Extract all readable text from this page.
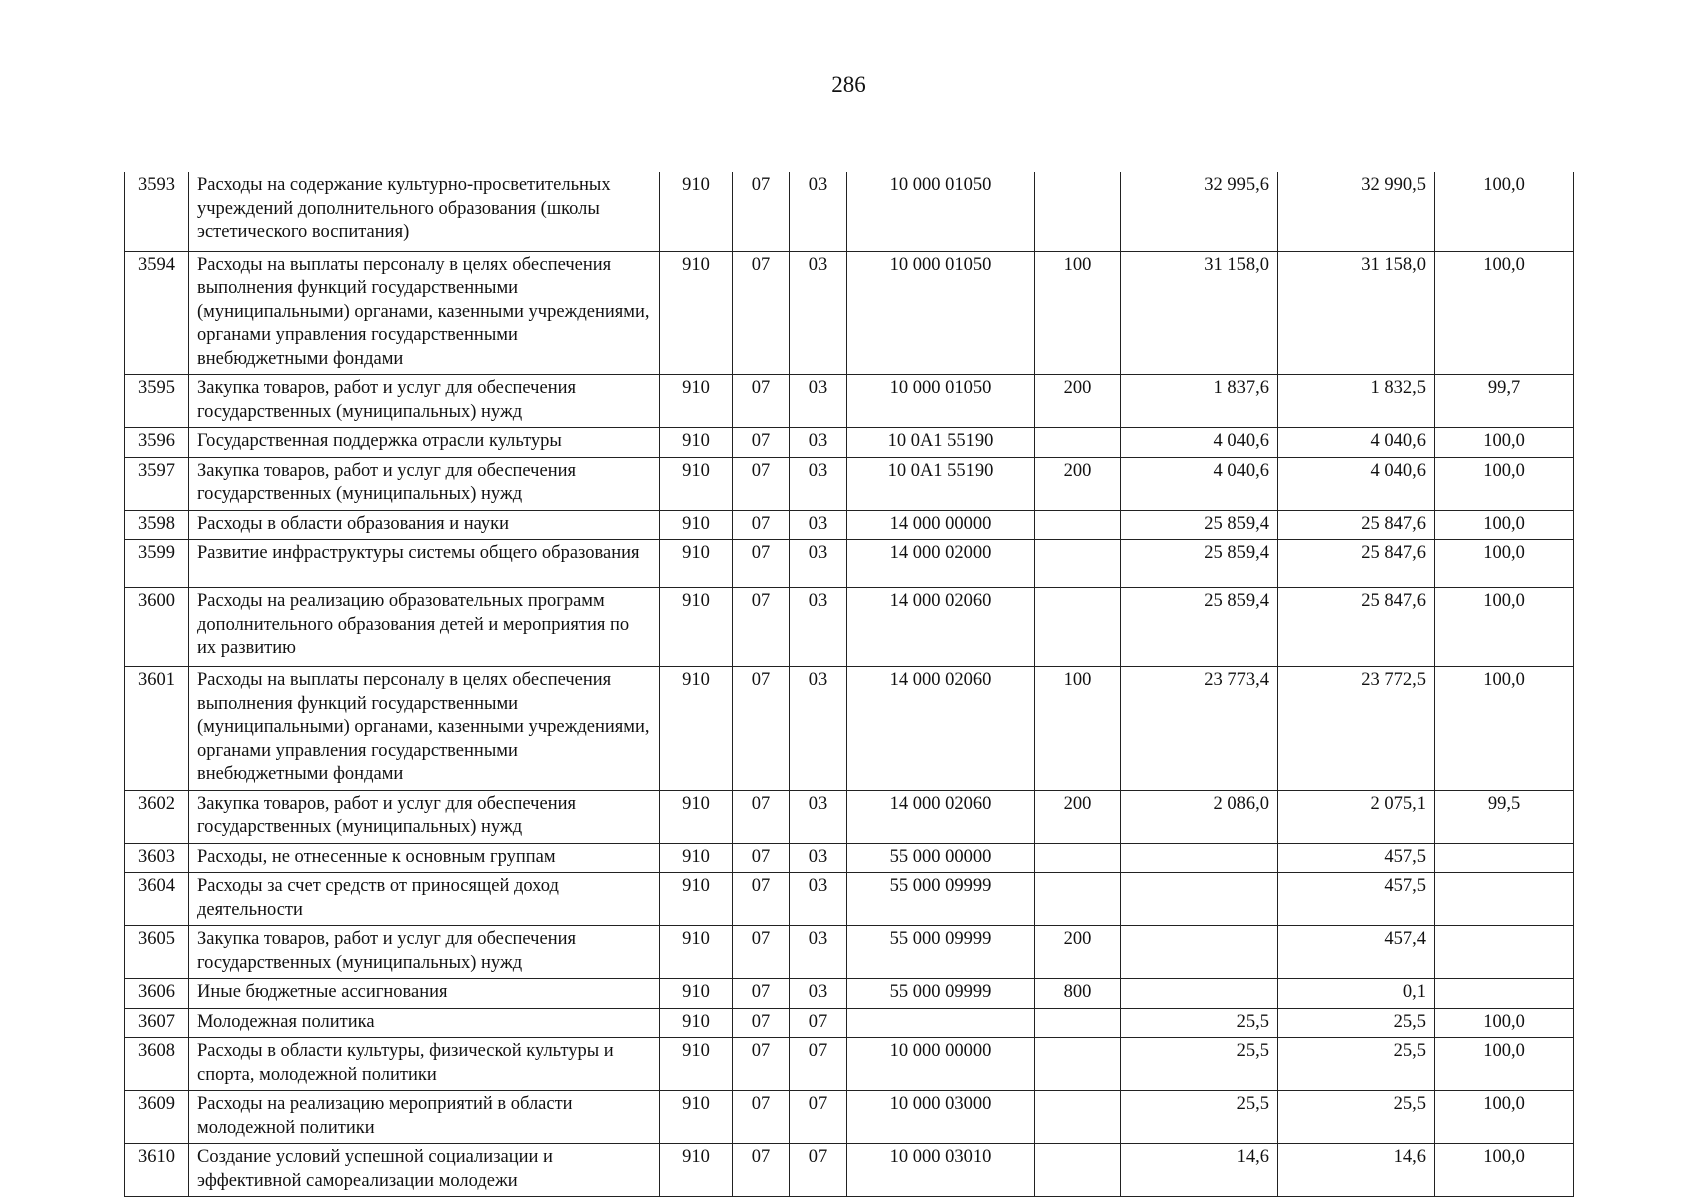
286
3593	Расходы на содержание культурно-просветительных учреждений дополнительного образования (школы эстетического воспитания)	910	07	03	10 000 01050		32 995,6	32 990,5	100,0
3594	Расходы на выплаты персоналу в целях обеспечения выполнения функций государственными (муниципальными) органами, казенными учреждениями, органами управления государственными внебюджетными фондами	910	07	03	10 000 01050	100	31 158,0	31 158,0	100,0
3595	Закупка товаров, работ и услуг для обеспечения государственных (муниципальных) нужд	910	07	03	10 000 01050	200	1 837,6	1 832,5	99,7
3596	Государственная поддержка отрасли культуры	910	07	03	10 0A1 55190		4 040,6	4 040,6	100,0
3597	Закупка товаров, работ и услуг для обеспечения государственных (муниципальных) нужд	910	07	03	10 0A1 55190	200	4 040,6	4 040,6	100,0
3598	Расходы в области образования и науки	910	07	03	14 000 00000		25 859,4	25 847,6	100,0
3599	Развитие инфраструктуры системы общего образования	910	07	03	14 000 02000		25 859,4	25 847,6	100,0
3600	Расходы на реализацию образовательных программ дополнительного образования детей и мероприятия по их развитию	910	07	03	14 000 02060		25 859,4	25 847,6	100,0
3601	Расходы на выплаты персоналу в целях обеспечения выполнения функций государственными (муниципальными) органами, казенными учреждениями, органами управления государственными внебюджетными фондами	910	07	03	14 000 02060	100	23 773,4	23 772,5	100,0
3602	Закупка товаров, работ и услуг для обеспечения государственных (муниципальных) нужд	910	07	03	14 000 02060	200	2 086,0	2 075,1	99,5
3603	Расходы, не отнесенные к основным группам	910	07	03	55 000 00000			457,5	
3604	Расходы за счет средств от приносящей доход деятельности	910	07	03	55 000 09999			457,5	
3605	Закупка товаров, работ и услуг для обеспечения государственных (муниципальных) нужд	910	07	03	55 000 09999	200		457,4	
3606	Иные бюджетные ассигнования	910	07	03	55 000 09999	800		0,1	
3607	Молодежная политика	910	07	07			25,5	25,5	100,0
3608	Расходы в области культуры, физической культуры и спорта, молодежной политики	910	07	07	10 000 00000		25,5	25,5	100,0
3609	Расходы на реализацию мероприятий в области молодежной политики	910	07	07	10 000 03000		25,5	25,5	100,0
3610	Создание условий успешной социализации и эффективной самореализации молодежи	910	07	07	10 000 03010		14,6	14,6	100,0
